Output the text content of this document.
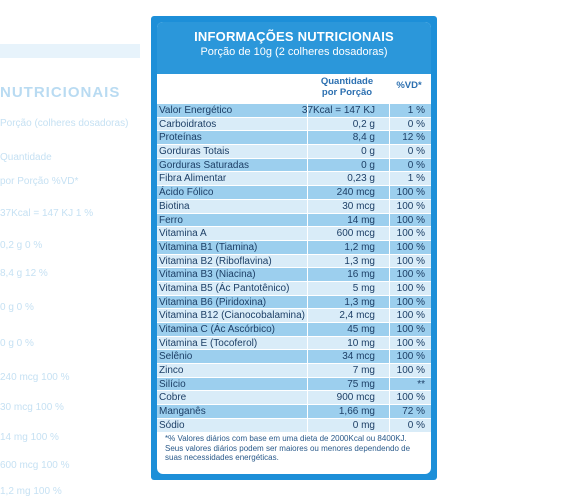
NUTRICIONAIS
Porção (colheres dosadoras)
Quantidade
por Porção %VD*
37Kcal = 147 KJ 1 %
0,2 g 0 %
8,4 g 12 %
0 g 0 %
0 g 0 %
240 mcg 100 %
30 mcg 100 %
14 mg 100 %
600 mcg 100 %
1,2 mg 100 %
INFORMAÇÕES NUTRICIONAIS
Porção de 10g (2 colheres dosadoras)
Quantidade
por Porção
%VD*
Valor Energético	37Kcal = 147 KJ	1 %
Carboidratos	0,2 g	0 %
Proteínas	8,4 g	12 %
Gorduras Totais	0 g	0 %
Gorduras Saturadas	0 g	0 %
Fibra Alimentar	0,23 g	1 %
Ácido Fólico	240 mcg	100 %
Biotina	30 mcg	100 %
Ferro	14 mg	100 %
Vitamina A	600 mcg	100 %
Vitamina B1 (Tiamina)	1,2 mg	100 %
Vitamina B2 (Riboflavina)	1,3 mg	100 %
Vitamina B3 (Niacina)	16 mg	100 %
Vitamina B5 (Ác Pantotênico)	5 mg	100 %
Vitamina B6 (Piridoxina)	1,3 mg	100 %
Vitamina B12 (Cianocobalamina)	2,4 mcg	100 %
Vitamina C (Ác Ascórbico)	45 mg	100 %
Vitamina E (Tocoferol)	10 mg	100 %
Selênio	34 mcg	100 %
Zinco	7 mg	100 %
Silício	75 mg	**
Cobre	900 mcg	100 %
Manganês	1,66 mg	72 %
Sódio	0 mg	0 %
*% Valores diários com base em uma dieta de 2000Kcal ou 8400KJ. Seus valores diários podem ser maiores ou menores dependendo de suas necessidades energéticas.
